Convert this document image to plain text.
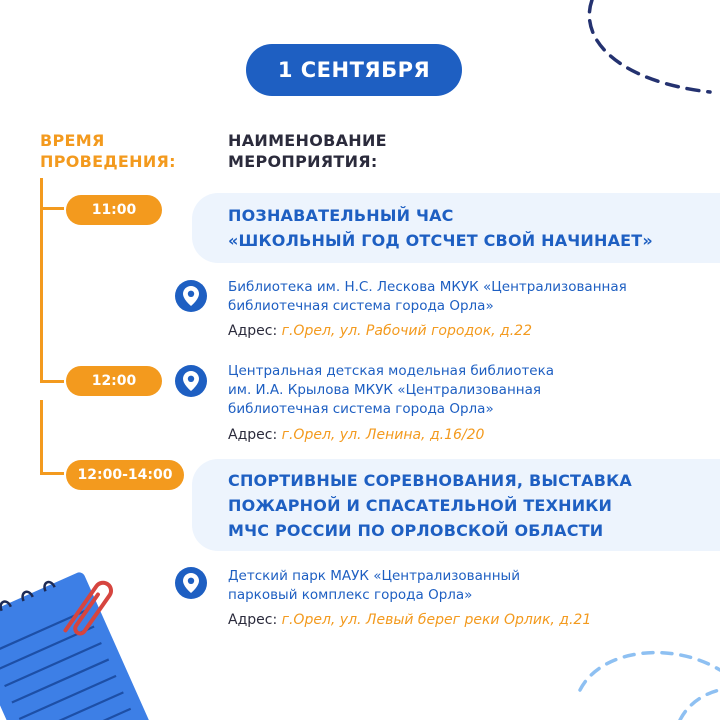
1 СЕНТЯБРЯ
ВРЕМЯ
ПРОВЕДЕНИЯ:
НАИМЕНОВАНИЕ
МЕРОПРИЯТИЯ:
11:00	ПОЗНАВАТЕЛЬНЫЙ ЧАС
«ШКОЛЬНЫЙ ГОД ОТСЧЕТ СВОЙ НАЧИНАЕТ»
Библиотека им. Н.С. Лескова МКУК «Централизованная
библиотечная система города Орла»
Адрес: г.Орел, ул. Рабочий городок, д.22
12:00
Центральная детская модельная библиотека
им. И.А. Крылова МКУК «Централизованная
библиотечная система города Орла»
Адрес: г.Орел, ул. Ленина, д.16/20
12:00-14:00	СПОРТИВНЫЕ СОРЕВНОВАНИЯ, ВЫСТАВКА
ПОЖАРНОЙ И СПАСАТЕЛЬНОЙ ТЕХНИКИ
МЧС РОССИИ ПО ОРЛОВСКОЙ ОБЛАСТИ
Детский парк МАУК «Централизованный
парковый комплекс города Орла»
Адрес: г.Орел, ул. Левый берег реки Орлик, д.21
